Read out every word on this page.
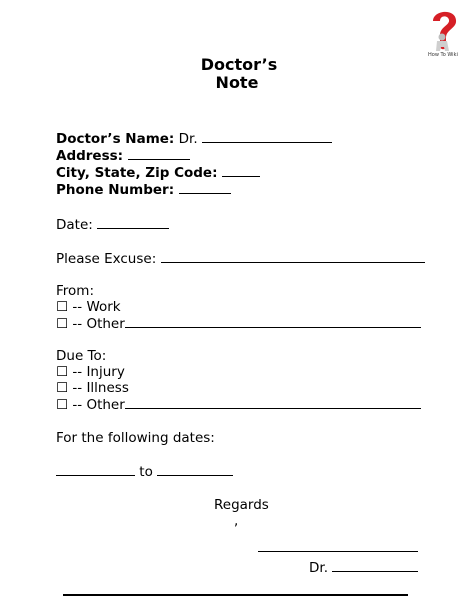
How To Wiki
Doctor’s
Note
Doctor’s Name: Dr.
Address:
City, State, Zip Code:
Phone Number:
Date:
Please Excuse:
From:
☐ -- Work
☐ -- Other
Due To:
☐ -- Injury
☐ -- Illness
☐ -- Other
For the following dates:
to
Regards
,
Dr.
